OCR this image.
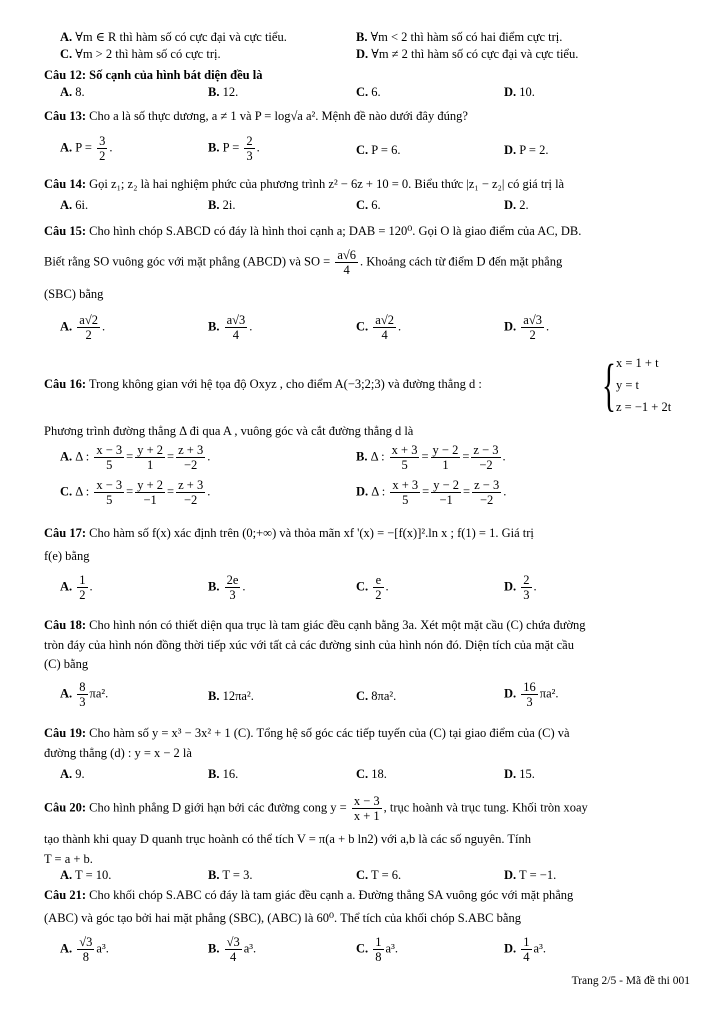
A. ∀m ∈ R thì hàm số có cực đại và cực tiểu.	B. ∀m < 2 thì hàm số có hai điểm cực trị.
C. ∀m > 2 thì hàm số có cực trị.	D. ∀m ≠ 2 thì hàm số có cực đại và cực tiểu.
Câu 12: Số cạnh của hình bát diện đều là
A. 8.	B. 12.	C. 6.	D. 10.
Câu 13: Cho a là số thực dương, a ≠ 1 và P = log√a a². Mệnh đề nào dưới đây đúng?
A. $P = \frac{3}{2}$ .	B. $P = \frac{2}{3}$ .	C. P = 6.	D. P = 2.
Câu 14: Gọi z₁; z₂ là hai nghiệm phức của phương trình z² − 6z + 10 = 0. Biểu thức |z₁ − z₂| có giá trị là
A. 6i.	B. 2i.	C. 6.	D. 2.
Câu 15: Cho hình chóp S.ABCD có đáy là hình thoi cạnh a; DAB = 120⁰. Gọi O là giao điểm của AC, DB.
Biết rằng SO vuông góc với mặt phẳng (ABCD) và SO = $\frac{a√6}{4}$ . Khoảng cách từ điểm D đến mặt phẳng
(SBC) bằng
A. $\frac{a√2}{2}$ .	B. $\frac{a√3}{4}$ .	C. $\frac{a√2}{4}$ .	D. $\frac{a√3}{2}$ .
Câu 16: Trong không gian với hệ tọa độ Oxyz , cho điểm A(−3;2;3) và đường thẳng d : { x = 1 + t
y = t
z = −1 + 2t
Phương trình đường thẳng Δ đi qua A , vuông góc và cắt đường thẳng d là
A. Δ : $\frac{x - 3}{5} = \frac{y + 2}{1} = \frac{z + 3}{-2}$ .	B. Δ : $\frac{x + 3}{5} = \frac{y - 2}{1} = \frac{z - 3}{-2}$ .
C. Δ : $\frac{x - 3}{5} = \frac{y + 2}{-1} = \frac{z + 3}{-2}$ .	D. Δ : $\frac{x + 3}{5} = \frac{y - 2}{-1} = \frac{z - 3}{-2}$ .
Câu 17: Cho hàm số f(x) xác định trên (0;+∞) và thỏa mãn xf '(x) = −[f(x)]².ln x ; f(1) = 1. Giá trị
f(e) bằng
A. $\frac{1}{2}$ .	B. $\frac{2e}{3}$ .	C. $\frac{e}{2}$ .	D. $\frac{2}{3}$ .
Câu 18: Cho hình nón có thiết diện qua trục là tam giác đều cạnh bằng 3a. Xét một mặt cầu (C) chứa đường
tròn đáy của hình nón đồng thời tiếp xúc với tất cả các đường sinh của hình nón đó. Diện tích của mặt cầu
(C) bằng
A. $\frac{8}{3} \pi a^2$.	B. 12πa².	C. 8πa².	D. $\frac{16}{3} \pi a^2$.
Câu 19: Cho hàm số y = x³ − 3x² + 1 (C). Tổng hệ số góc các tiếp tuyến của (C) tại giao điểm của (C) và
đường thẳng (d) : y = x − 2 là
A. 9.	B. 16.	C. 18.	D. 15.
Câu 20: Cho hình phẳng D giới hạn bởi các đường cong $y = \frac{x - 3}{x + 1}$ , trục hoành và trục tung. Khối tròn xoay
tạo thành khi quay D quanh trục hoành có thể tích V = π(a + b ln2) với a,b là các số nguyên. Tính
T = a + b.
A. T = 10.	B. T = 3.	C. T = 6.	D. T = −1.
Câu 21: Cho khối chóp S.ABC có đáy là tam giác đều cạnh a. Đường thẳng SA vuông góc với mặt phẳng
(ABC) và góc tạo bởi hai mặt phẳng (SBC), (ABC) là 60⁰. Thể tích của khối chóp S.ABC bằng
A. $\frac{√3}{8} a^3$.	B. $\frac{√3}{4} a^3$.	C. $\frac{1}{8} a^3$.	D. $\frac{1}{4} a^3$.
Trang 2/5 - Mã đề thi 001
